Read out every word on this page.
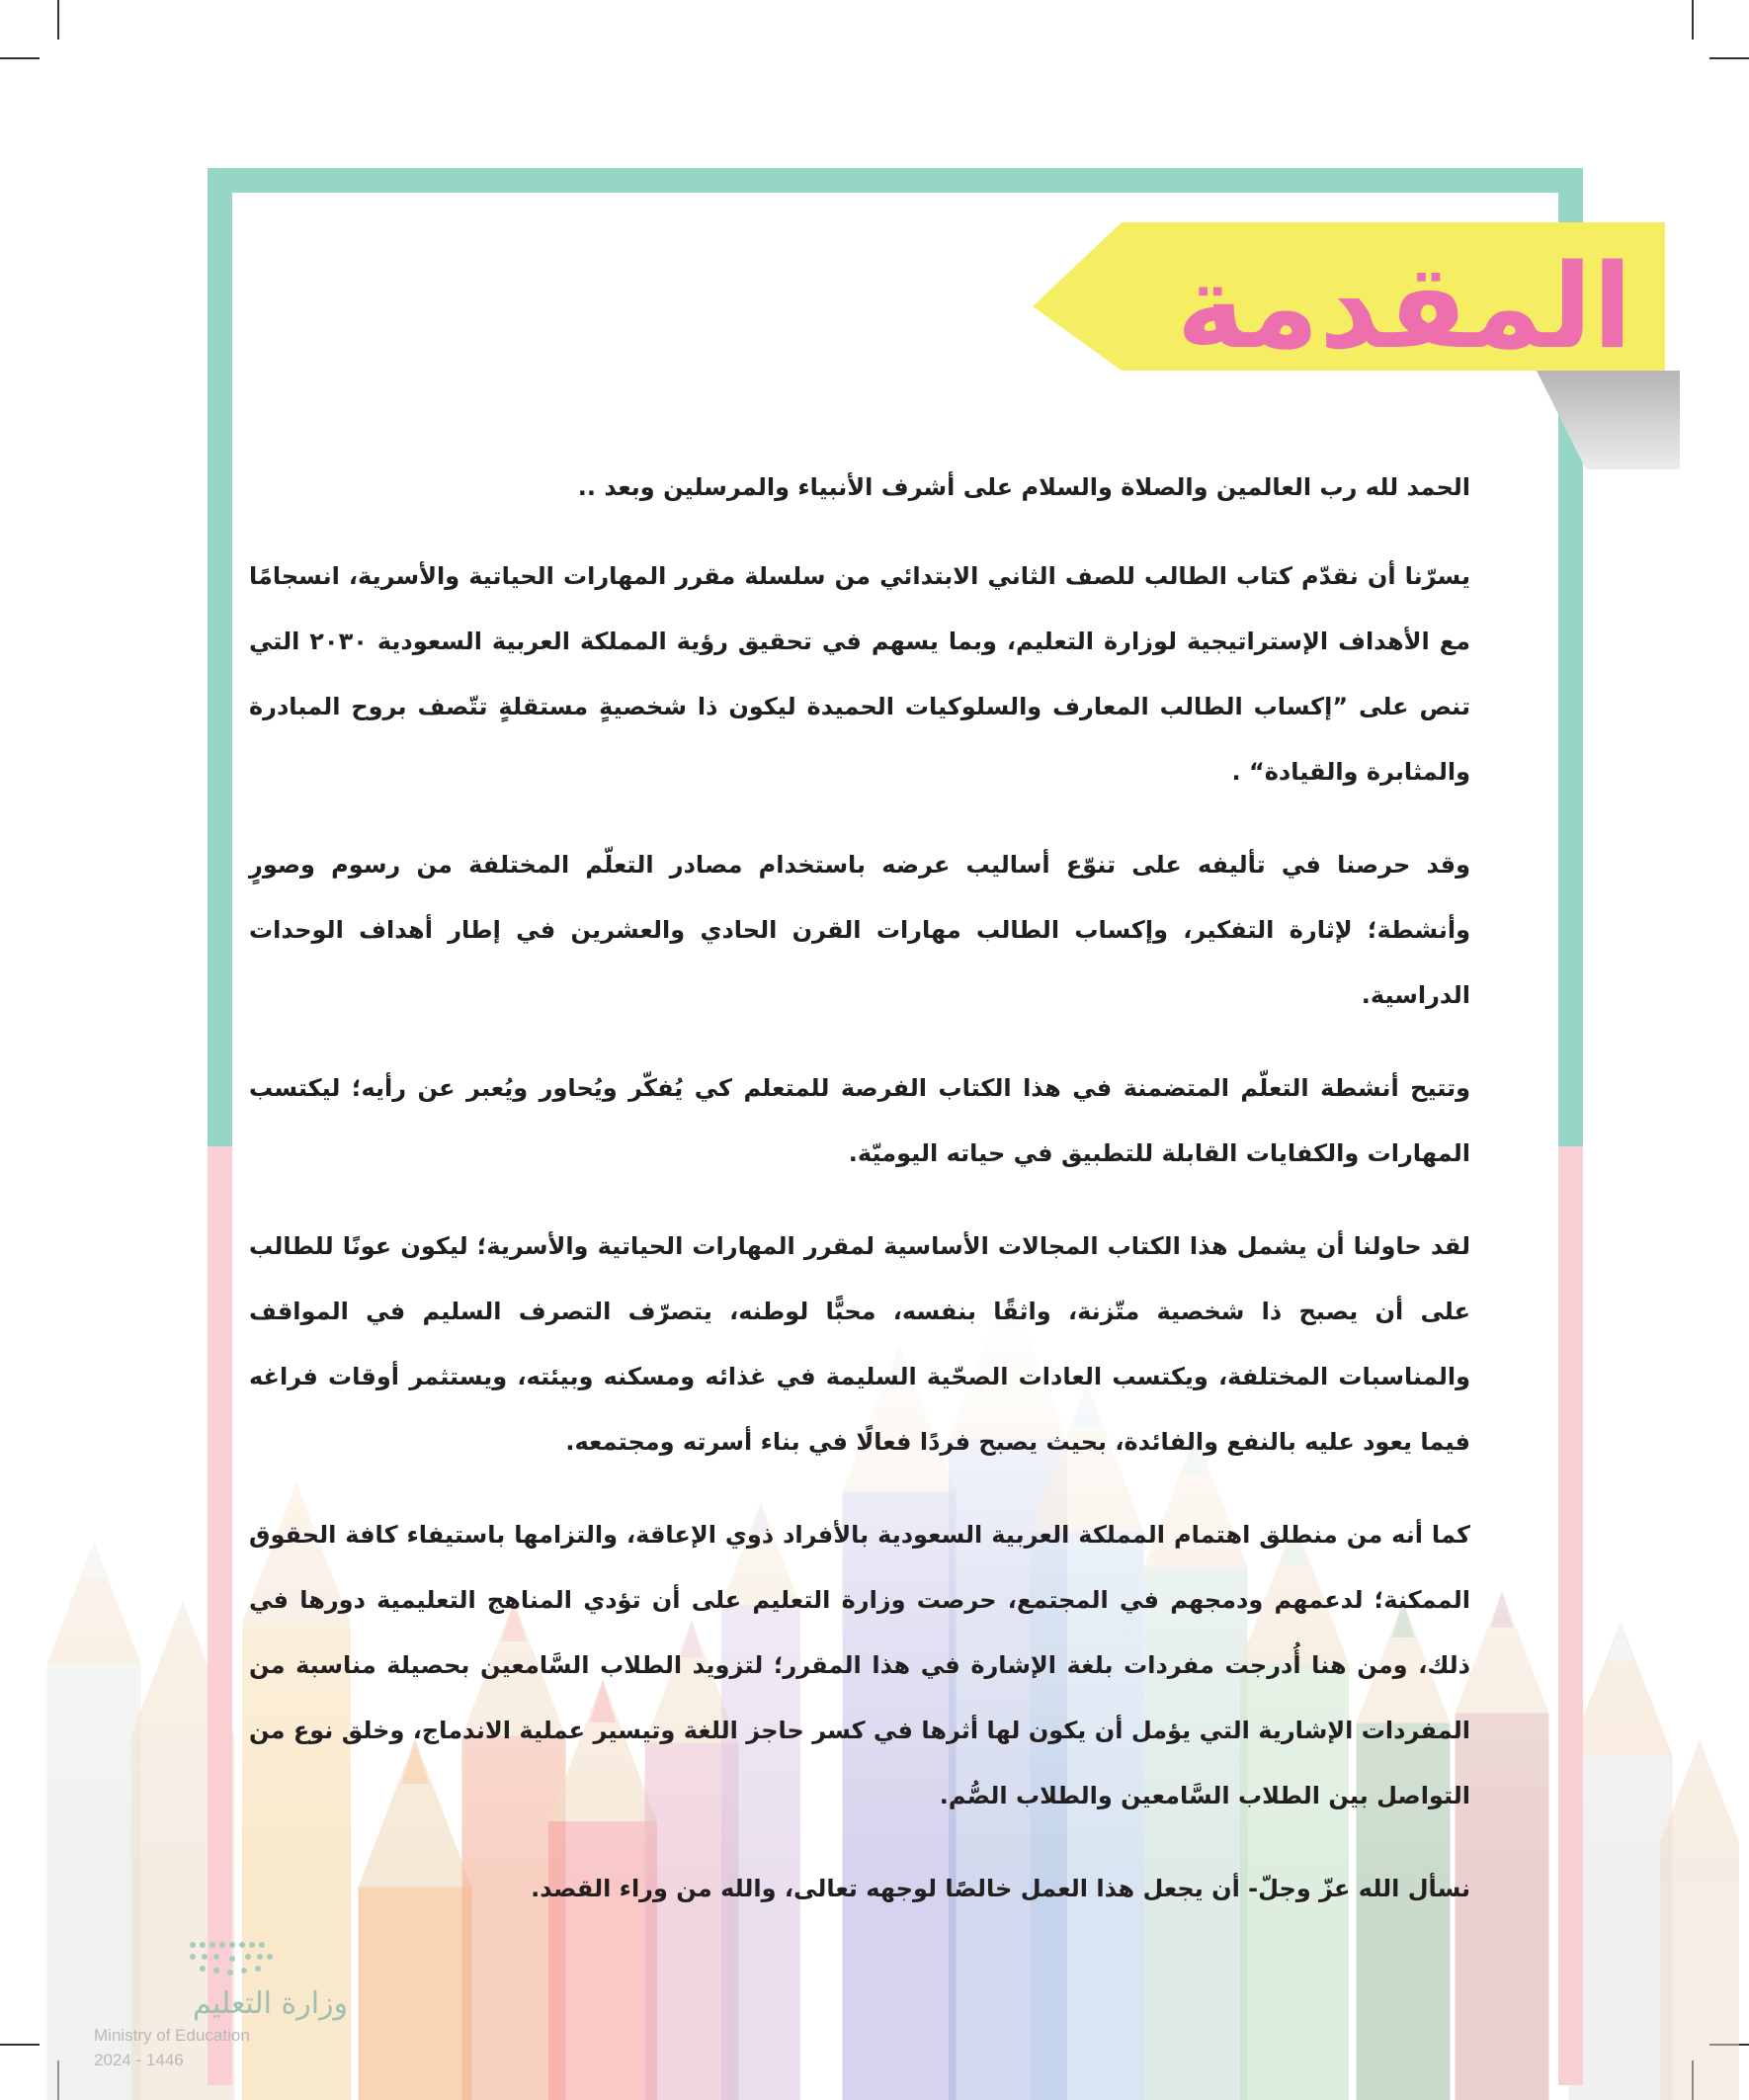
المقدمة

الحمد لله رب العالمين والصلاة والسلام على أشرف الأنبياء والمرسلين وبعد ..

يسرّنا أن نقدّم كتاب الطالب للصف الثاني الابتدائي من سلسلة مقرر المهارات الحياتية والأسرية، انسجامًا مع الأهداف الإستراتيجية لوزارة التعليم، وبما يسهم في تحقيق رؤية المملكة العربية السعودية ٢٠٣٠ التي تنص على ”إكساب الطالب المعارف والسلوكيات الحميدة ليكون ذا شخصيةٍ مستقلةٍ تتّصف بروح المبادرة والمثابرة والقيادة“ .

وقد حرصنا في تأليفه على تنوّع أساليب عرضه باستخدام مصادر التعلّم المختلفة من رسوم وصورٍ وأنشطة؛ لإثارة التفكير، وإكساب الطالب مهارات القرن الحادي والعشرين في إطار أهداف الوحدات الدراسية.

وتتيح أنشطة التعلّم المتضمنة في هذا الكتاب الفرصة للمتعلم كي يُفكّر ويُحاور ويُعبر عن رأيه؛ ليكتسب المهارات والكفايات القابلة للتطبيق في حياته اليوميّة.

لقد حاولنا أن يشمل هذا الكتاب المجالات الأساسية لمقرر المهارات الحياتية والأسرية؛ ليكون عونًا للطالب على أن يصبح ذا شخصية متّزنة، واثقًا بنفسه، محبًّا لوطنه، يتصرّف التصرف السليم في المواقف والمناسبات المختلفة، ويكتسب العادات الصحّية السليمة في غذائه ومسكنه وبيئته، ويستثمر أوقات فراغه فيما يعود عليه بالنفع والفائدة، بحيث يصبح فردًا فعالًا في بناء أسرته ومجتمعه.

كما أنه من منطلق اهتمام المملكة العربية السعودية بالأفراد ذوي الإعاقة، والتزامها باستيفاء كافة الحقوق الممكنة؛ لدعمهم ودمجهم في المجتمع، حرصت وزارة التعليم على أن تؤدي المناهج التعليمية دورها في ذلك، ومن هنا أُدرجت مفردات بلغة الإشارة في هذا المقرر؛ لتزويد الطلاب السَّامعين بحصيلة مناسبة من المفردات الإشارية التي يؤمل أن يكون لها أثرها في كسر حاجز اللغة وتيسير عملية الاندماج، وخلق نوع من التواصل بين الطلاب السَّامعين والطلاب الصُّم.

نسأل الله عزّ وجلّ- أن يجعل هذا العمل خالصًا لوجهه تعالى، والله من وراء القصد.

وزارة التعليم
Ministry of Education
2024 - 1446
